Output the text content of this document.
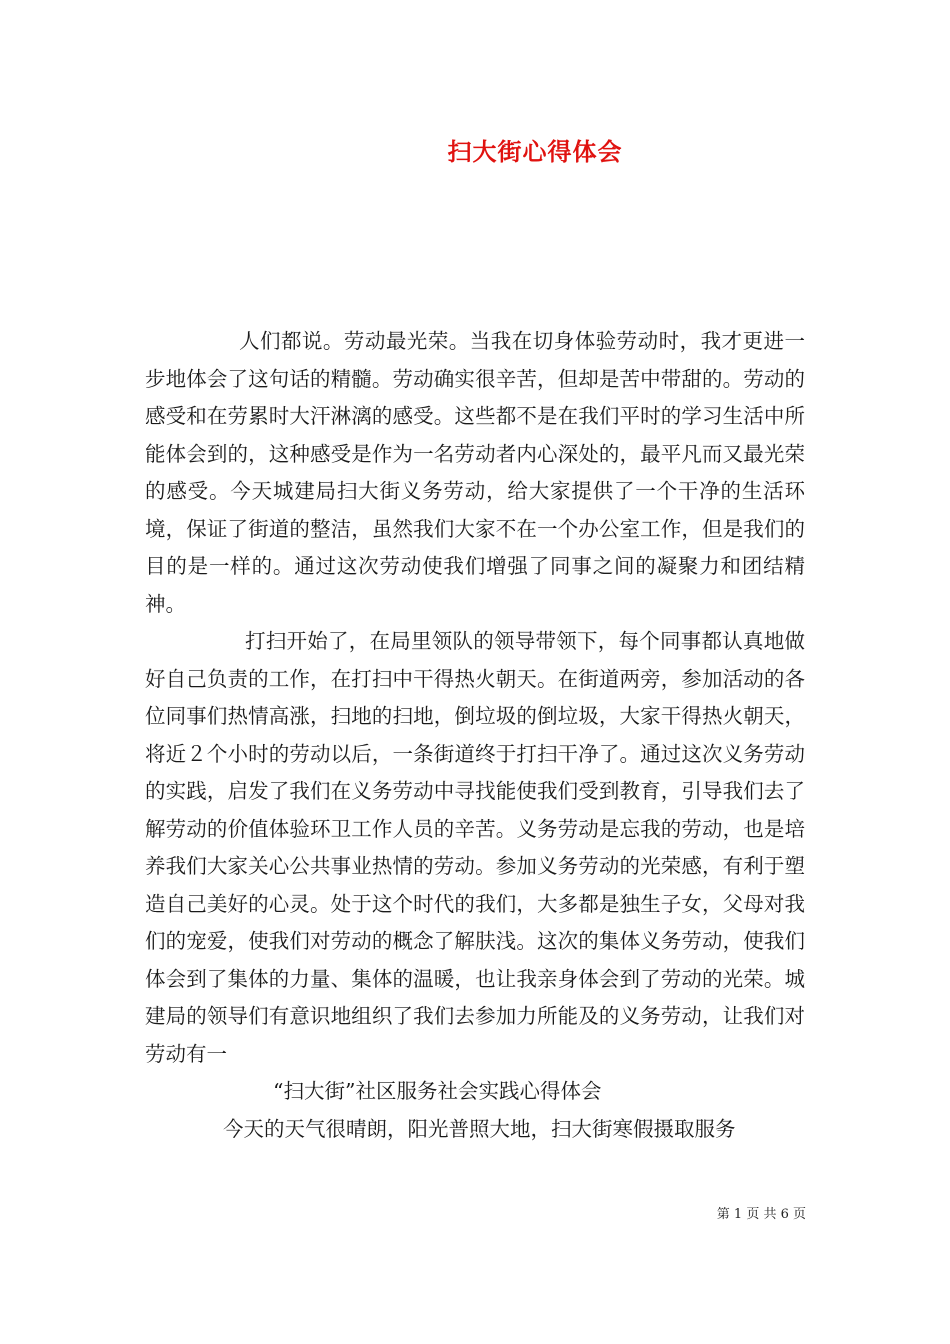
扫大街心得体会

人们都说。劳动最光荣。当我在切身体验劳动时，我才更进一步地体会了这句话的精髓。劳动确实很辛苦，但却是苦中带甜的。劳动的感受和在劳累时大汗淋漓的感受。这些都不是在我们平时的学习生活中所能体会到的，这种感受是作为一名劳动者内心深处的，最平凡而又最光荣的感受。今天城建局扫大街义务劳动，给大家提供了一个干净的生活环境，保证了街道的整洁，虽然我们大家不在一个办公室工作，但是我们的目的是一样的。通过这次劳动使我们增强了同事之间的凝聚力和团结精神。

打扫开始了，在局里领队的领导带领下，每个同事都认真地做好自己负责的工作，在打扫中干得热火朝天。在街道两旁，参加活动的各位同事们热情高涨，扫地的扫地，倒垃圾的倒垃圾，大家干得热火朝天，将近２个小时的劳动以后，一条街道终于打扫干净了。通过这次义务劳动的实践，启发了我们在义务劳动中寻找能使我们受到教育，引导我们去了解劳动的价值体验环卫工作人员的辛苦。义务劳动是忘我的劳动，也是培养我们大家关心公共事业热情的劳动。参加义务劳动的光荣感，有利于塑造自己美好的心灵。处于这个时代的我们，大多都是独生子女，父母对我们的宠爱，使我们对劳动的概念了解肤浅。这次的集体义务劳动，使我们体会到了集体的力量、集体的温暖，也让我亲身体会到了劳动的光荣。城建局的领导们有意识地组织了我们去参加力所能及的义务劳动，让我们对劳动有一

“扫大街”社区服务社会实践心得体会

今天的天气很晴朗，阳光普照大地，扫大街寒假摄取服务

第 1 页 共 6 页
